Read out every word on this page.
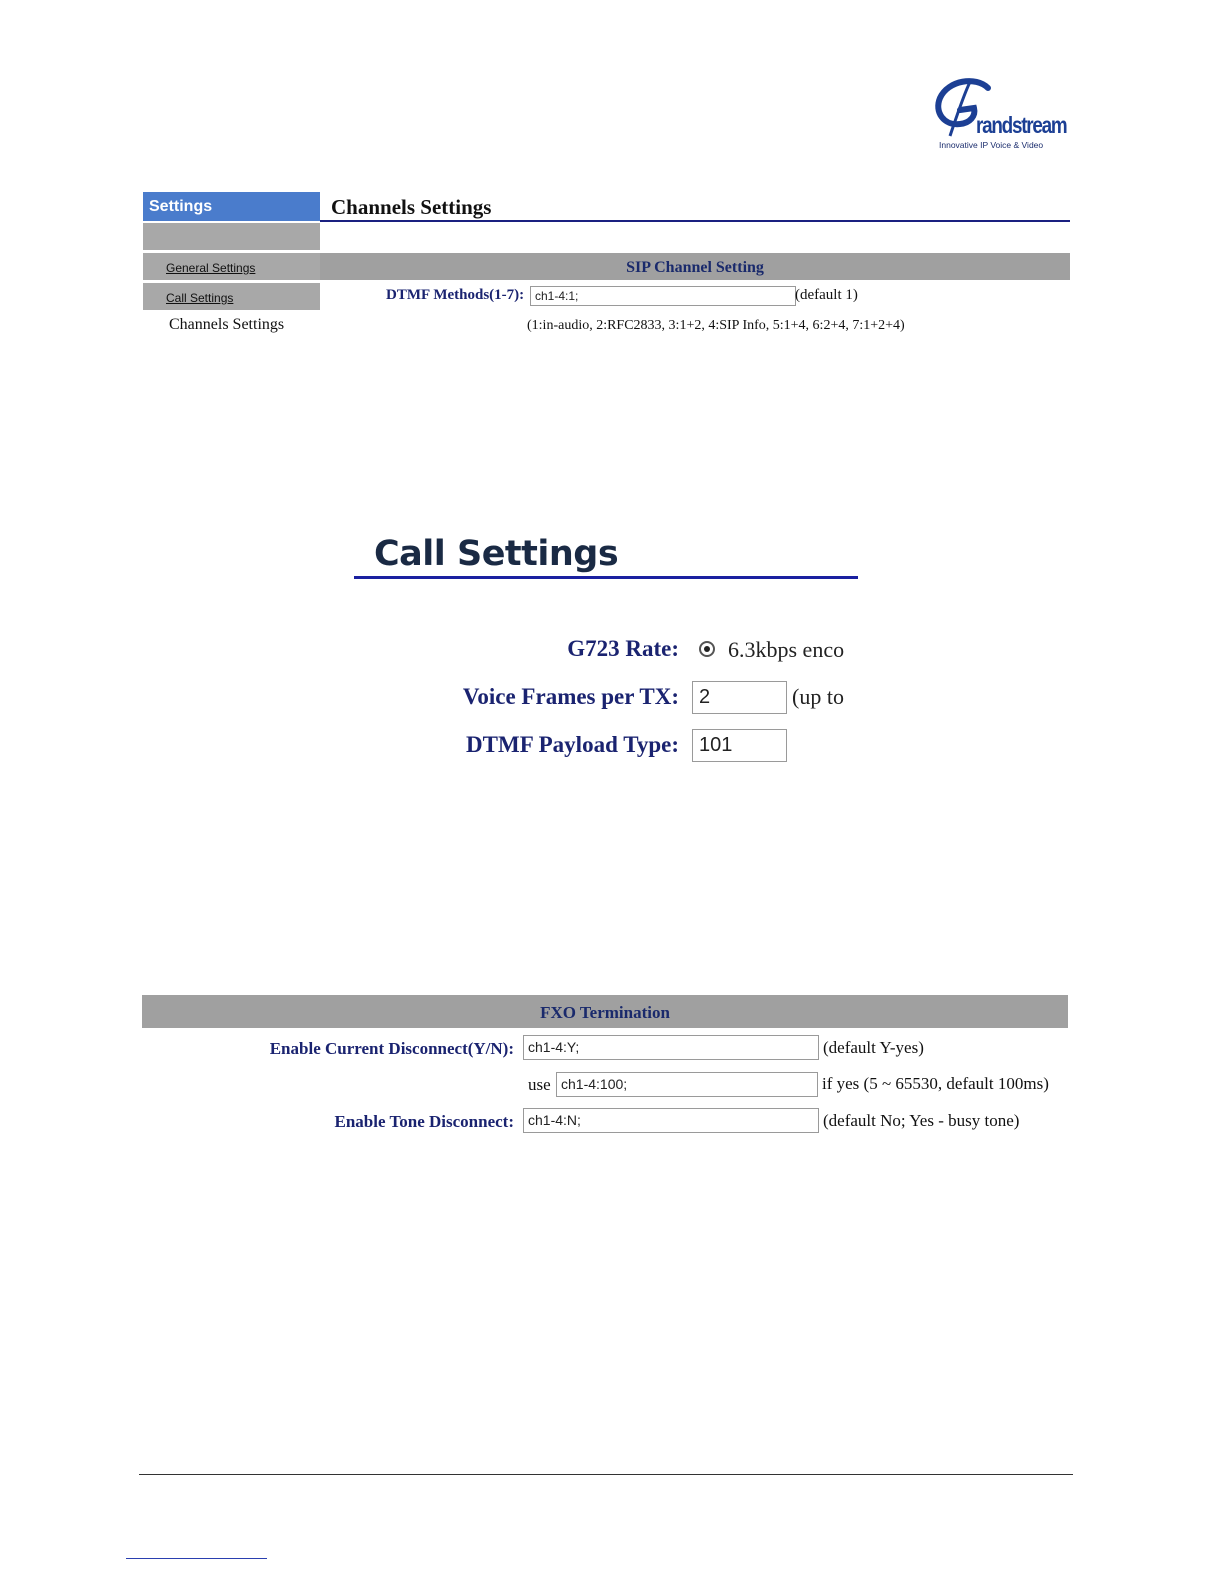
randstream
Innovative IP Voice & Video
Settings
General Settings
Call Settings
Channels Settings
Channels Settings
SIP Channel Setting
DTMF Methods(1-7): ch1-4:1;	(default 1)
(1:in-audio, 2:RFC2833, 3:1+2, 4:SIP Info, 5:1+4, 6:2+4, 7:1+2+4)
Call Settings
G723 Rate: 6.3kbps enco
Voice Frames per TX:	2	(up to
DTMF Payload Type:	101
FXO Termination
Enable Current Disconnect(Y/N):	ch1-4:Y;	(default Y-yes)
use ch1-4:100;	if yes (5 ~ 65530, default 100ms)
Enable Tone Disconnect:	ch1-4:N;	(default No; Yes - busy tone)
